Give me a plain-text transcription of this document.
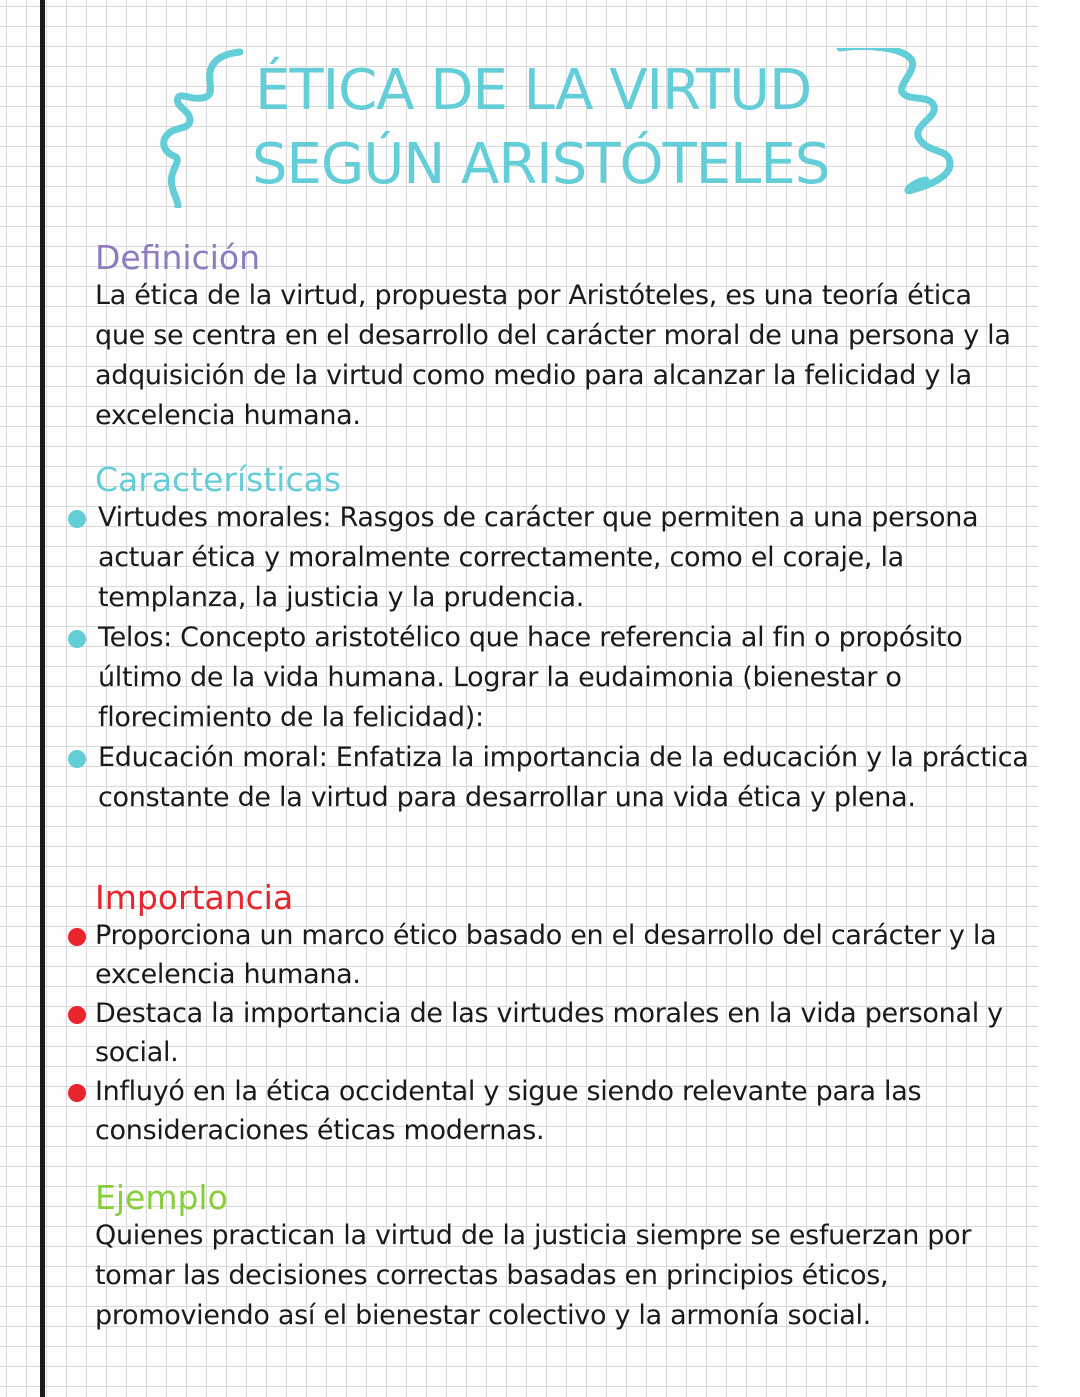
ÉTICA DE LA VIRTUD
SEGÚN ARISTÓTELES
Definición

La ética de la virtud, propuesta por Aristóteles, es una teoría ética que se centra en el desarrollo del carácter moral de una persona y la adquisición de la virtud como medio para alcanzar la felicidad y la excelencia humana.

Características
Virtudes morales: Rasgos de carácter que permiten a una persona actuar ética y moralmente correctamente, como el coraje, la templanza, la justicia y la prudencia.
Telos: Concepto aristotélico que hace referencia al fin o propósito último de la vida humana. Lograr la eudaimonia (bienestar o florecimiento de la felicidad):
Educación moral: Enfatiza la importancia de la educación y la práctica constante de la virtud para desarrollar una vida ética y plena.
Importancia
Proporciona un marco ético basado en el desarrollo del carácter y la excelencia humana.
Destaca la importancia de las virtudes morales en la vida personal y social.
Influyó en la ética occidental y sigue siendo relevante para las consideraciones éticas modernas.
Ejemplo

Quienes practican la virtud de la justicia siempre se esfuerzan por tomar las decisiones correctas basadas en principios éticos, promoviendo así el bienestar colectivo y la armonía social.
